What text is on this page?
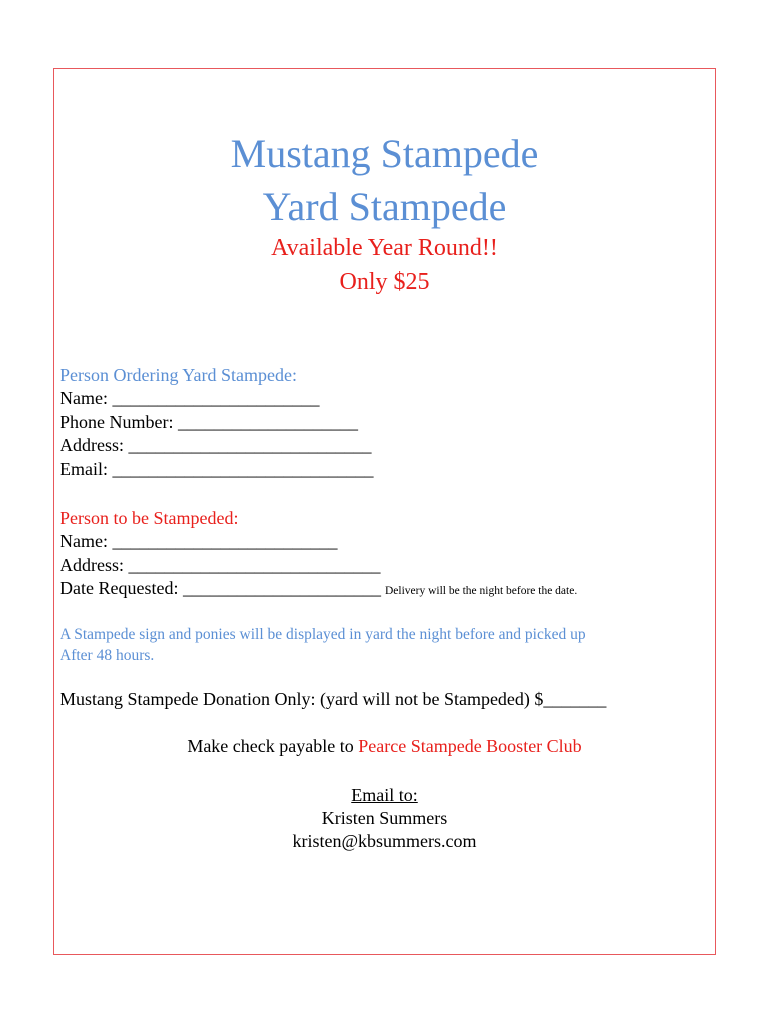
Mustang Stampede
Yard Stampede

Available Year Round!!

Only $25

Person Ordering Yard Stampede:

Name: _______________________

Phone Number: ____________________

Address: ___________________________

Email: _____________________________

Person to be Stampeded:

Name: _________________________

Address: ____________________________

Date Requested: ______________________ Delivery will be the night before the date.

A Stampede sign and ponies will be displayed in yard the night before and picked up

After 48 hours.

Mustang Stampede Donation Only: (yard will not be Stampeded) $_______

Make check payable to Pearce Stampede Booster Club

Email to:

Kristen Summers

kristen@kbsummers.com
